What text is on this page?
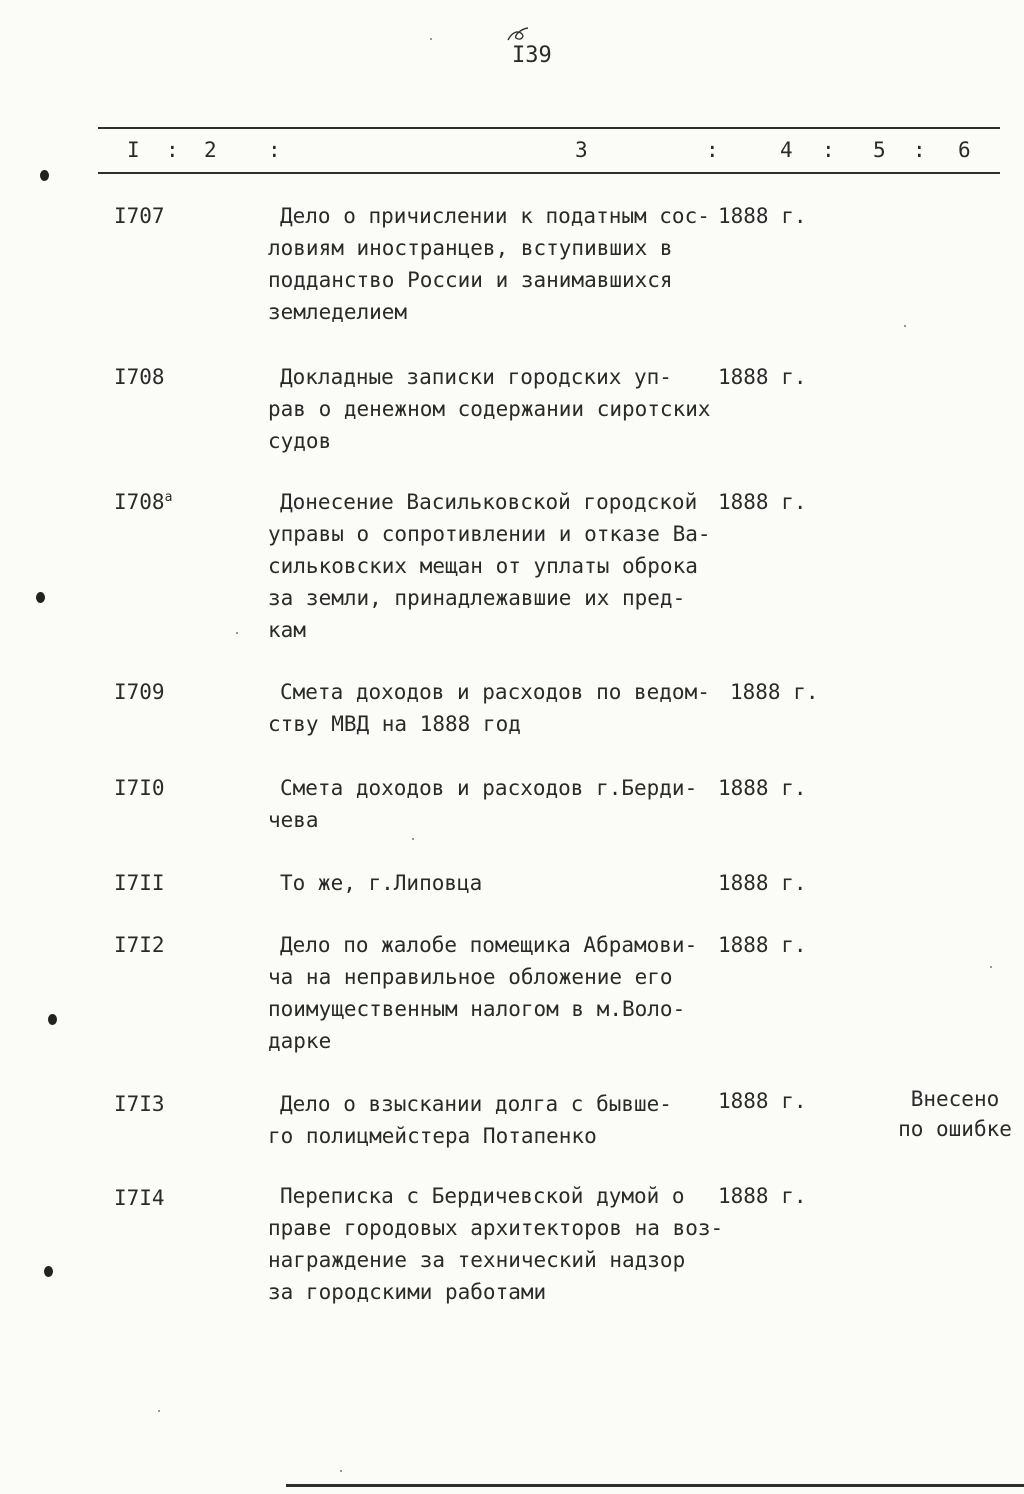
I39
I : 2 :	3	:	4 : 5 : 6
I707	Дело о причислении к податным сос-
ловиям иностранцев, вступивших в
подданство России и занимавшихся
земледелием
1888 г.
I708	Докладные записки городских уп-
рав о денежном содержании сиротских
судов
1888 г.
$I708^а$	Донесение Васильковской городской
управы о сопротивлении и отказе Ва-
сильковских мещан от уплаты оброка
за земли, принадлежавшие их пред-
кам
1888 г.
I709	Смета доходов и расходов по ведом-
ству МВД на 1888 год
1888 г.
I7I0	Смета доходов и расходов г.Берди-
чева
1888 г.
I7II	То же, г.Липовца	1888 г.
I7I2	Дело по жалобе помещика Абрамови-
ча на неправильное обложение его
поимущественным налогом в м.Воло-
дарке
1888 г.
I7I3	Дело о взыскании долга с бывше-
го полицмейстера Потапенко
1888 г.	Внесено
по ошибке
I7I4	Переписка с Бердичевской думой о
праве городовых архитекторов на воз-
награждение за технический надзор
за городскими работами
1888 г.
